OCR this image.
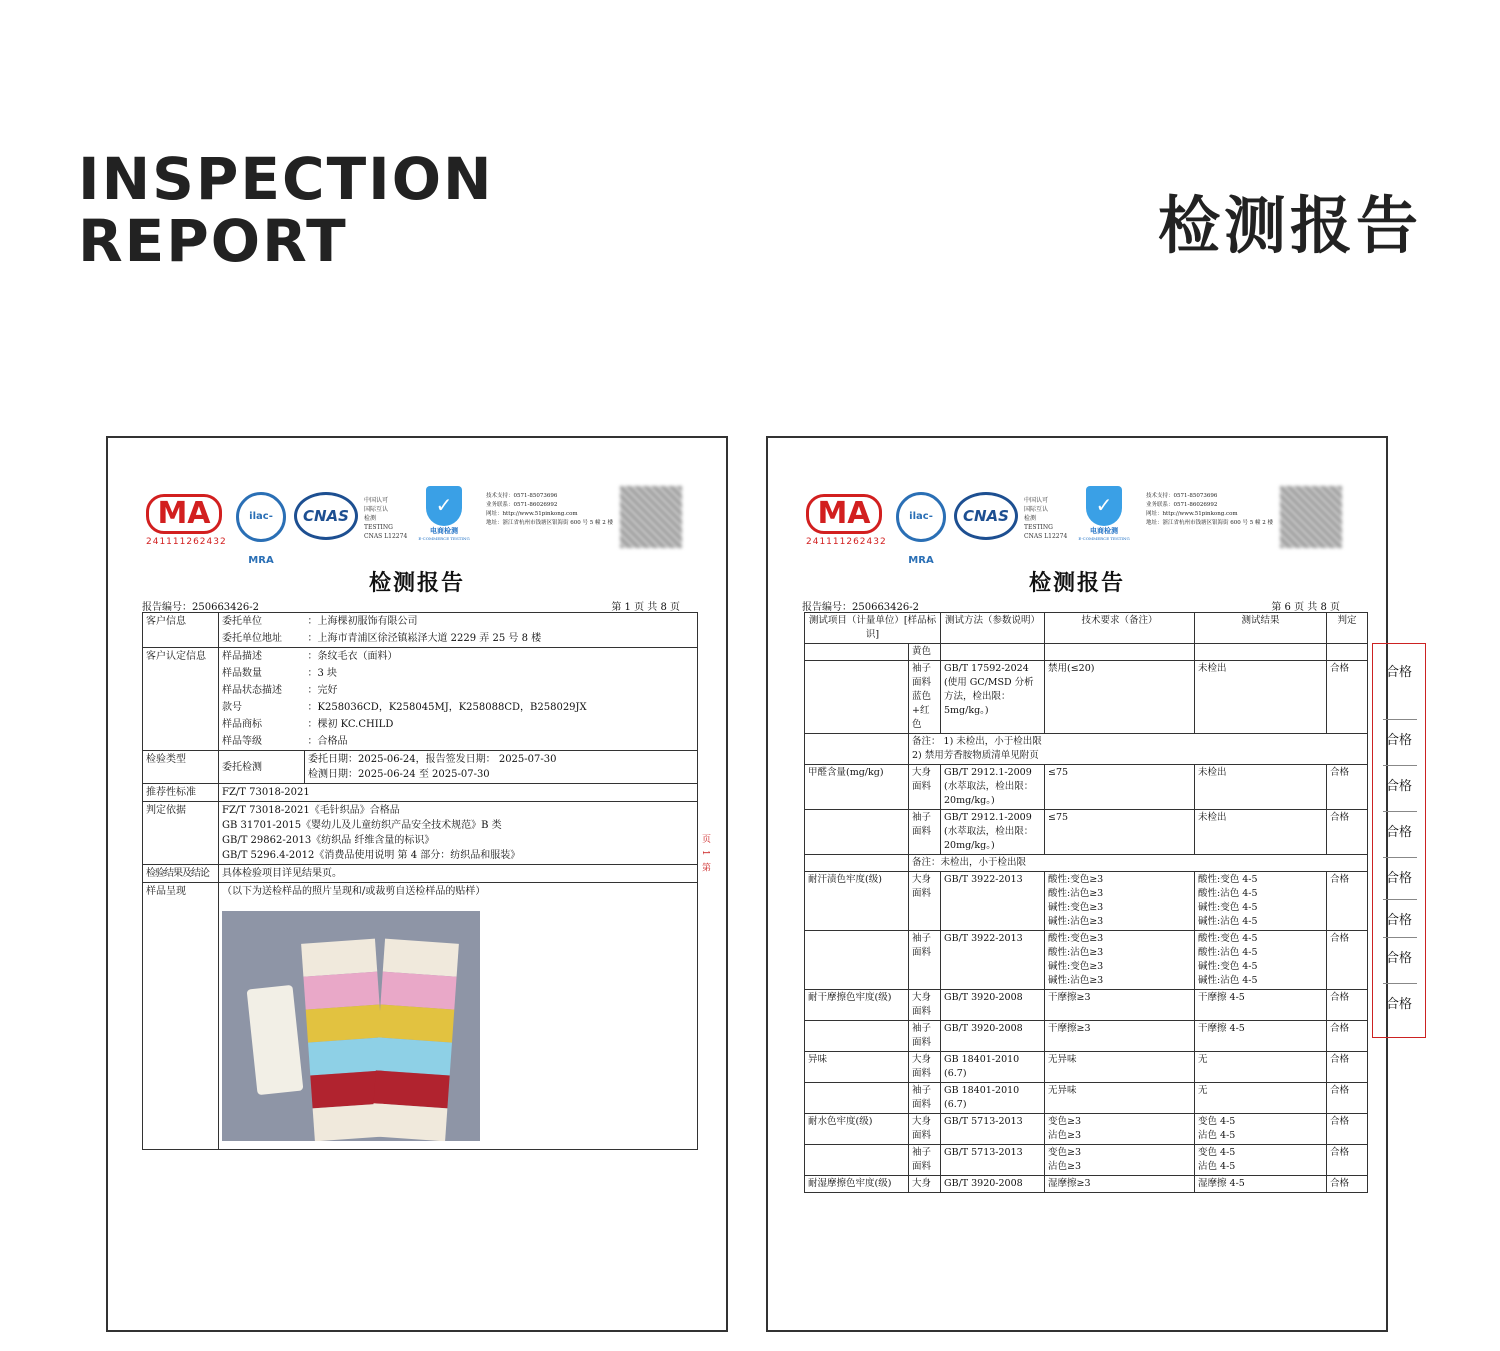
INSPECTION
REPORT	检测报告
MA
241111262432
ilac-MRA
CNAS
中国认可
国际互认
检测
TESTING
CNAS L12274
✓
电商检测
E-COMMERCE TESTING
技术支持：0571-85073696
业务联系：0571-86026992
网址：http://www.51pinkong.com
地址：浙江省杭州市钱塘区银海街 600 号 5 幢 2 楼
检测报告
报告编号：250663426-2	第 1 页 共 8 页
客户信息	委托单位	：上海棵初服饰有限公司
	委托单位地址	：上海市青浦区徐泾镇崧泽大道 2229 弄 25 号 8 楼
客户认定信息	样品描述	：条纹毛衣（面料）
	样品数量	：3 块
	样品状态描述	：完好
	款号	：K258036CD，K258045MJ，K258088CD，B258029JX
	样品商标	：棵初 KC.CHILD
	样品等级	：合格品
检验类型	委托检测	委托日期：2025-06-24，报告签发日期： 2025-07-30
检测日期：2025-06-24 至 2025-07-30

推荐性标准	FZ/T 73018-2021	
判定依据	FZ/T 73018-2021《毛针织品》合格品
GB 31701-2015《婴幼儿及儿童纺织产品安全技术规范》B 类
GB/T 29862-2013《纺织品 纤维含量的标识》
GB/T 5296.4-2012《消费品使用说明 第 4 部分：纺织品和服装》	

检验结果及结论	具体检验项目详见结果页。	
样品呈现	（以下为送检样品的照片呈现和/或裁剪自送检样品的贴样）	
页 1 第
MA
241111262432
ilac-MRA
CNAS
中国认可
国际互认
检测
TESTING
CNAS L12274
✓
电商检测
E-COMMERCE TESTING
技术支持：0571-85073696
业务联系：0571-86026992
网址：http://www.51pinkong.com
地址：浙江省杭州市钱塘区银海街 600 号 5 幢 2 楼
检测报告
报告编号：250663426-2	第 6 页 共 8 页
测试项目（计量单位）[样品标识]		测试方法（参数说明）	技术要求（备注）	测试结果	判定
	黄色				
	袖子面料蓝色+红色	GB/T 17592-2024 (使用 GC/MSD 分析方法，检出限：5mg/kg。)	禁用(≤20)	未检出	合格
	备注： 1) 未检出，小于检出限
2) 禁用芳香胺物质清单见附页				
甲醛含量(mg/kg)	大身面料	GB/T 2912.1-2009 (水萃取法，检出限：20mg/kg。)	≤75	未检出	合格
	袖子面料	GB/T 2912.1-2009 (水萃取法，检出限：20mg/kg。)	≤75	未检出	合格
	备注：未检出，小于检出限				
耐汗渍色牢度(级)	大身面料	GB/T 3922-2013	酸性:变色≥3
酸性:沾色≥3
碱性:变色≥3
碱性:沾色≥3	酸性:变色 4-5
酸性:沾色 4-5
碱性:变色 4-5
碱性:沾色 4-5	合格
	袖子面料	GB/T 3922-2013	酸性:变色≥3
酸性:沾色≥3
碱性:变色≥3
碱性:沾色≥3	酸性:变色 4-5
酸性:沾色 4-5
碱性:变色 4-5
碱性:沾色 4-5	合格
耐干摩擦色牢度(级)	大身面料	GB/T 3920-2008	干摩擦≥3	干摩擦 4-5	合格
	袖子面料	GB/T 3920-2008	干摩擦≥3	干摩擦 4-5	合格
异味	大身面料	GB 18401-2010 (6.7)	无异味	无	合格
	袖子面料	GB 18401-2010 (6.7)	无异味	无	合格
耐水色牢度(级)	大身面料	GB/T 5713-2013	变色≥3
沾色≥3	变色 4-5
沾色 4-5	合格
	袖子面料	GB/T 5713-2013	变色≥3
沾色≥3	变色 4-5
沾色 4-5	合格
耐湿摩擦色牢度(级)	大身	GB/T 3920-2008	湿摩擦≥3	湿摩擦 4-5	合格
合格
合格
合格
合格
合格
合格
合格
合格
